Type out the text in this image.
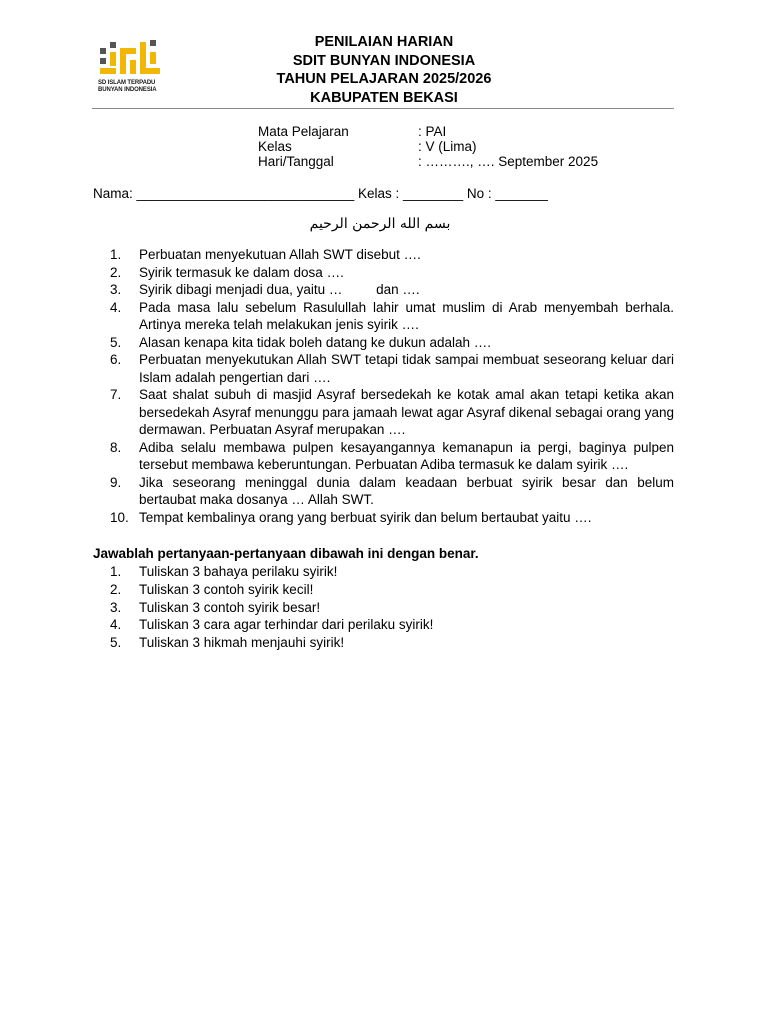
SD ISLAM TERPADU
BUNYAN INDONESIA
PENILAIAN HARIAN
SDIT BUNYAN INDONESIA
TAHUN PELAJARAN 2025/2026
KABUPATEN BEKASI
Mata Pelajaran	: PAI
Kelas	: V (Lima)
Hari/Tanggal	: ………., …. September 2025
Nama: _____________________________ Kelas : ________ No : _______
بسم الله الرحمن الرحيم
1.	Perbuatan menyekutuan Allah SWT disebut ….
2.	Syirik termasuk ke dalam dosa ….
3.	Syirik dibagi menjadi dua, yaitu …         dan ….
4.	Pada masa lalu sebelum Rasulullah lahir umat muslim di Arab menyembah berhala. Artinya mereka telah melakukan jenis syirik ….
5.	Alasan kenapa kita tidak boleh datang ke dukun adalah ….
6.	Perbuatan menyekutukan Allah SWT tetapi tidak sampai membuat seseorang keluar dari Islam adalah pengertian dari ….
7.	Saat shalat subuh di masjid Asyraf bersedekah ke kotak amal akan tetapi ketika akan bersedekah Asyraf menunggu para jamaah lewat agar Asyraf dikenal sebagai orang yang dermawan. Perbuatan Asyraf merupakan ….
8.	Adiba selalu membawa pulpen kesayangannya kemanapun ia pergi, baginya pulpen tersebut membawa keberuntungan. Perbuatan Adiba termasuk ke dalam syirik ….
9.	Jika seseorang meninggal dunia dalam keadaan berbuat syirik besar dan belum bertaubat maka dosanya … Allah SWT.
10. Tempat kembalinya orang yang berbuat syirik dan belum bertaubat yaitu ….
Jawablah pertanyaan-pertanyaan dibawah ini dengan benar.
1.	Tuliskan 3 bahaya perilaku syirik!
2.	Tuliskan 3 contoh syirik kecil!
3.	Tuliskan 3 contoh syirik besar!
4.	Tuliskan 3 cara agar terhindar dari perilaku syirik!
5.	Tuliskan 3 hikmah menjauhi syirik!
